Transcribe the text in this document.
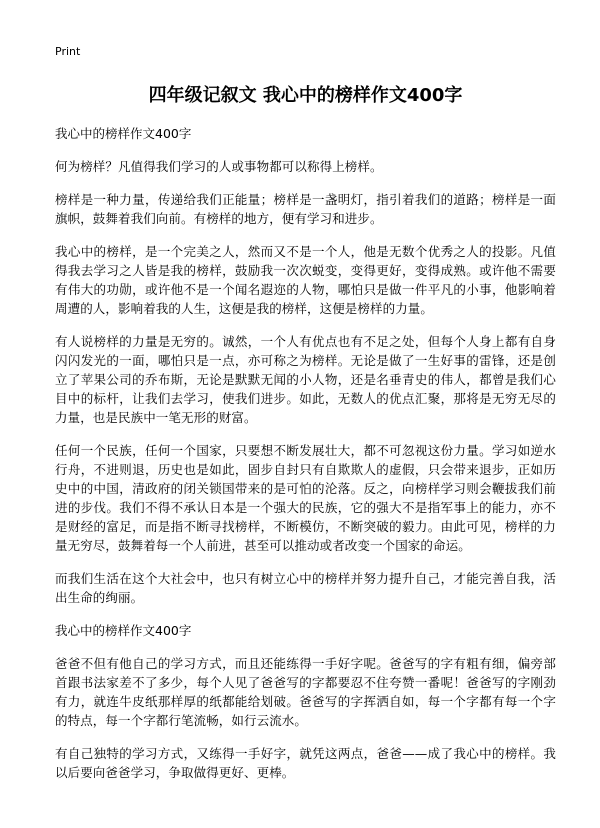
Print
四年级记叙文 我心中的榜样作文400字

我心中的榜样作文400字

何为榜样？凡值得我们学习的人或事物都可以称得上榜样。

榜样是一种力量，传递给我们正能量；榜样是一盏明灯，指引着我们的道路；榜样是一面旗帜，鼓舞着我们向前。有榜样的地方，便有学习和进步。

我心中的榜样，是一个完美之人，然而又不是一个人，他是无数个优秀之人的投影。凡值得我去学习之人皆是我的榜样，鼓励我一次次蜕变，变得更好，变得成熟。或许他不需要有伟大的功勋，或许他不是一个闻名遐迩的人物，哪怕只是做一件平凡的小事，他影响着周遭的人，影响着我的人生，这便是我的榜样，这便是榜样的力量。

有人说榜样的力量是无穷的。诚然，一个人有优点也有不足之处，但每个人身上都有自身闪闪发光的一面，哪怕只是一点，亦可称之为榜样。无论是做了一生好事的雷锋，还是创立了苹果公司的乔布斯，无论是默默无闻的小人物，还是名垂青史的伟人，都曾是我们心目中的标杆，让我们去学习，使我们进步。如此，无数人的优点汇聚，那将是无穷无尽的力量，也是民族中一笔无形的财富。

任何一个民族，任何一个国家，只要想不断发展壮大，都不可忽视这份力量。学习如逆水行舟，不进则退，历史也是如此，固步自封只有自欺欺人的虚假，只会带来退步，正如历史中的中国，清政府的闭关锁国带来的是可怕的沦落。反之，向榜样学习则会鞭拔我们前进的步伐。我们不得不承认日本是一个强大的民族，它的强大不是指军事上的能力，亦不是财经的富足，而是指不断寻找榜样，不断模仿，不断突破的毅力。由此可见，榜样的力量无穷尽，鼓舞着每一个人前进，甚至可以推动或者改变一个国家的命运。

而我们生活在这个大社会中，也只有树立心中的榜样并努力提升自己，才能完善自我，活出生命的绚丽。

我心中的榜样作文400字

爸爸不但有他自己的学习方式，而且还能练得一手好字呢。爸爸写的字有粗有细，偏旁部首跟书法家差不了多少，每个人见了爸爸写的字都要忍不住夸赞一番呢！爸爸写的字刚劲有力，就连牛皮纸那样厚的纸都能给划破。爸爸写的字挥洒自如，每一个字都有每一个字的特点，每一个字都行笔流畅，如行云流水。

有自己独特的学习方式，又练得一手好字，就凭这两点，爸爸——成了我心中的榜样。我以后要向爸爸学习，争取做得更好、更棒。
